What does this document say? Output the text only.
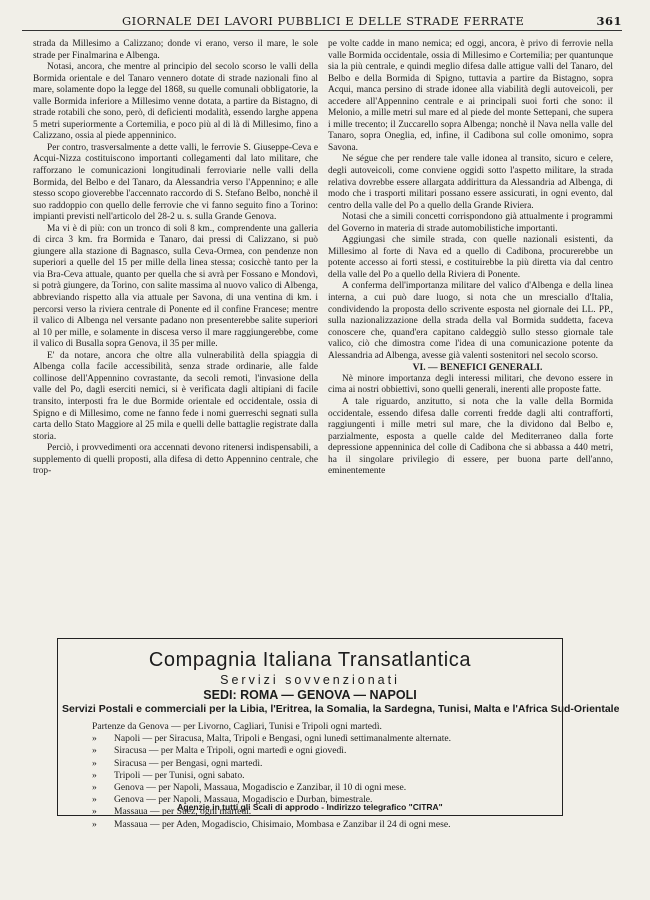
GIORNALE DEI LAVORI PUBBLICI E DELLE STRADE FERRATE	361

strada da Millesimo a Calizzano; donde vi erano, verso il mare, le sole strade per Finalmarina e Albenga.

Notasi, ancora, che mentre al principio del secolo scorso le valli della Bormida orientale e del Tanaro vennero dotate di strade nazionali fino al mare, solamente dopo la legge del 1868, su quelle comunali obbligatorie, la valle Bormida inferiore a Millesimo venne dotata, a partire da Bistagno, di strade rotabili che sono, però, di deficienti modalità, essendo larghe appena 5 metri superiormente a Cortemilia, e poco più al di là di Millesimo, fino a Calizzano, ossia al piede appenninico.

Per contro, trasversalmente a dette valli, le ferrovie S. Giuseppe-Ceva e Acqui-Nizza costituiscono importanti collegamenti dal lato militare, che rafforzano le comunicazioni longitudinali ferroviarie nelle valli della Bormida, del Belbo e del Tanaro, da Alessandria verso l'Appennino; e alle stesso scopo gioverebbe l'accennato raccordo di S. Stefano Belbo, nonchè il suo raddoppio con quello delle ferrovie che vi fanno seguito fino a Torino: impianti previsti nell'articolo del 28-2 u. s. sulla Grande Genova.

Ma vi è di più: con un tronco di soli 8 km., comprendente una galleria di circa 3 km. fra Bormida e Tanaro, dai pressi di Calizzano, si può giungere alla stazione di Bagnasco, sulla Ceva-Ormea, con pendenze non superiori a quelle del 15 per mille della linea stessa; cosicchè tanto per la via Bra-Ceva attuale, quanto per quella che si avrà per Fossano e Mondovì, si potrà giungere, da Torino, con salite massima al nuovo valico di Albenga, abbreviando rispetto alla via attuale per Savona, di una ventina di km. i percorsi verso la riviera centrale di Ponente ed il confine Francese; mentre il valico di Albenga nel versante padano non presenterebbe salite superiori al 10 per mille, e solamente in discesa verso il mare raggiungerebbe, come il valico di Busalla sopra Genova, il 35 per mille.

E' da notare, ancora che oltre alla vulnerabilità della spiaggia di Albenga colla facile accessibilità, senza strade ordinarie, alle falde collinose dell'Appennino covrastante, da secoli remoti, l'invasione della valle del Po, dagli eserciti nemici, si è verificata dagli altipiani di facile transito, interposti fra le due Bormide orientale ed occidentale, ossia di Spigno e di Millesimo, come ne fanno fede i nomi guerreschi segnati sulla carta dello Stato Maggiore al 25 mila e quelli delle battaglie registrate dalla storia.

Perciò, i provvedimenti ora accennati devono ritenersi indispensabili, a supplemento di quelli proposti, alla difesa di detto Appennino centrale, che trop-

pe volte cadde in mano nemica; ed oggi, ancora, è privo di ferrovie nella valle Bormida occidentale, ossia di Millesimo e Cortemilia; per quantunque sia la più centrale, e quindi meglio difesa dalle attigue valli del Tanaro, del Belbo e della Bormida di Spigno, tuttavia a partire da Bistagno, sopra Acqui, manca persino di strade idonee alla viabilità degli autoveicoli, per accedere all'Appennino centrale e ai principali suoi forti che sono: il Melonio, a mille metri sul mare ed al piede del monte Settepani, che supera i mille trecento; il Zuccarello sopra Albenga; nonchè il Nava nella valle del Tanaro, sopra Oneglia, ed, infine, il Cadibona sul colle omonimo, sopra Savona.

Ne ségue che per rendere tale valle idonea al transito, sicuro e celere, degli autoveicoli, come conviene oggidì sotto l'aspetto militare, la strada relativa dovrebbe essere allargata addirittura da Alessandria ad Albenga, di modo che i trasporti militari possano essere assicurati, in ogni evento, dal centro della valle del Po a quello della Grande Riviera.

Notasi che a simili concetti corrispondono già attualmente i programmi del Governo in materia di strade automobilistiche importanti.

Aggiungasi che simile strada, con quelle nazionali esistenti, da Millesimo al forte di Nava ed a quello di Cadibona, procurerebbe un potente accesso ai forti stessi, e costituirebbe la più diretta via dal centro della valle del Po a quello della Riviera di Ponente.

A conferma dell'importanza militare del valico d'Albenga e della linea interna, a cui può dare luogo, si nota che un mresciallo d'Italia, condividendo la proposta dello scrivente esposta nel giornale dei LL. PP., sulla nazionalizzazione della strada della val Bormida suddetta, faceva conoscere che, quand'era capitano caldeggiò sullo stesso giornale tale valico, ciò che dimostra come l'idea di una comunicazione potente da Alessandria ad Albenga, avesse già valenti sostenitori nel secolo scorso.

VI. — BENEFICI GENERALI.

Nè minore importanza degli interessi militari, che devono essere in cima ai nostri obbiettivi, sono quelli generali, inerenti alle proposte fatte.

A tale riguardo, anzitutto, si nota che la valle della Bormida occidentale, essendo difesa dalle correnti fredde dagli alti contrafforti, raggiungenti i mille metri sul mare, che la dividono dal Belbo e, parzialmente, esposta a quelle calde del Mediterraneo dalla forte depressione appenninica del colle di Cadibona che si abbassa a 440 metri, ha il singolare privilegio di essere, per buona parte dell'anno, eminentemente

Compagnia Italiana Transatlantica
Servizi sovvenzionati
SEDI: ROMA — GENOVA — NAPOLI
Servizi Postali e commerciali per la Libia, l'Eritrea, la Somalia, la Sardegna, Tunisi, Malta e l'Africa Sud-Orientale
Partenze da Genova — per Livorno, Cagliari, Tunisi e Tripoli ogni martedì.
» Napoli — per Siracusa, Malta, Tripoli e Bengasi, ogni lunedì settimanalmente alternate.
» Siracusa — per Malta e Tripoli, ogni martedì e ogni giovedì.
» Siracusa — per Bengasi, ogni martedì.
» Tripoli — per Tunisi, ogni sabato.
» Genova — per Napoli, Massaua, Mogadiscio e Zanzibar, il 10 di ogni mese.
» Genova — per Napoli, Massaua, Mogadiscio e Durban, bimestrale.
» Massaua — per Suez, ogni martedì.
» Massaua — per Aden, Mogadiscio, Chisimaio, Mombasa e Zanzibar il 24 di ogni mese.
Agenzie in tutti gli Scali di approdo - Indirizzo telegrafico "CITRA"
